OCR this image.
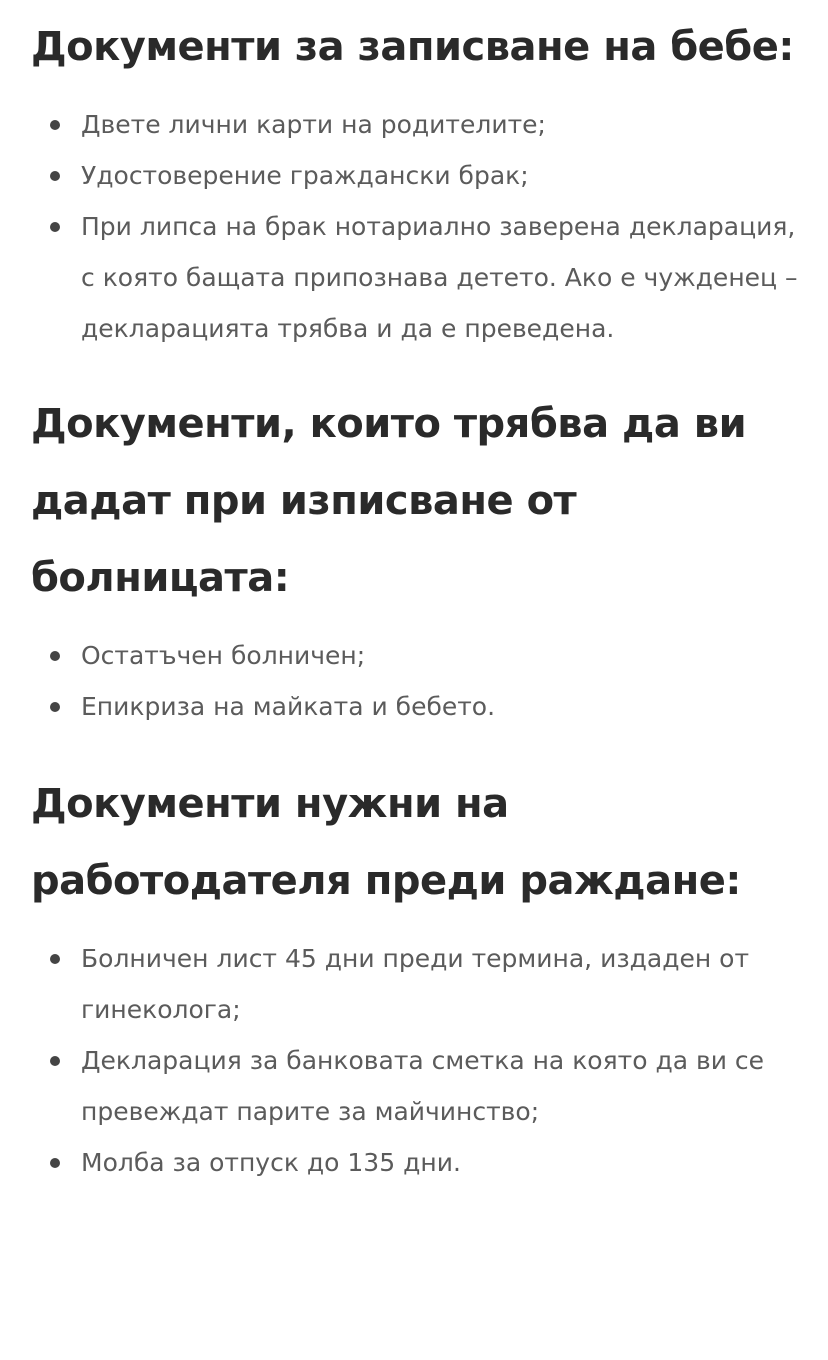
Документи за записване на бебе:
Двете лични карти на родителите;
Удостоверение граждански брак;
При липса на брак нотариално заверена декларация, с която бащата припознава детето. Ако е чужденец – декларацията трябва и да е преведена.
Документи, които трябва да ви дадат при изписване от болницата:
Остатъчен болничен;
Епикриза на майката и бебето.
Документи нужни на работодателя преди раждане:
Болничен лист 45 дни преди термина, издаден от гинеколога;
Декларация за банковата сметка на която да ви се превеждат парите за майчинство;
Молба за отпуск до 135 дни.
